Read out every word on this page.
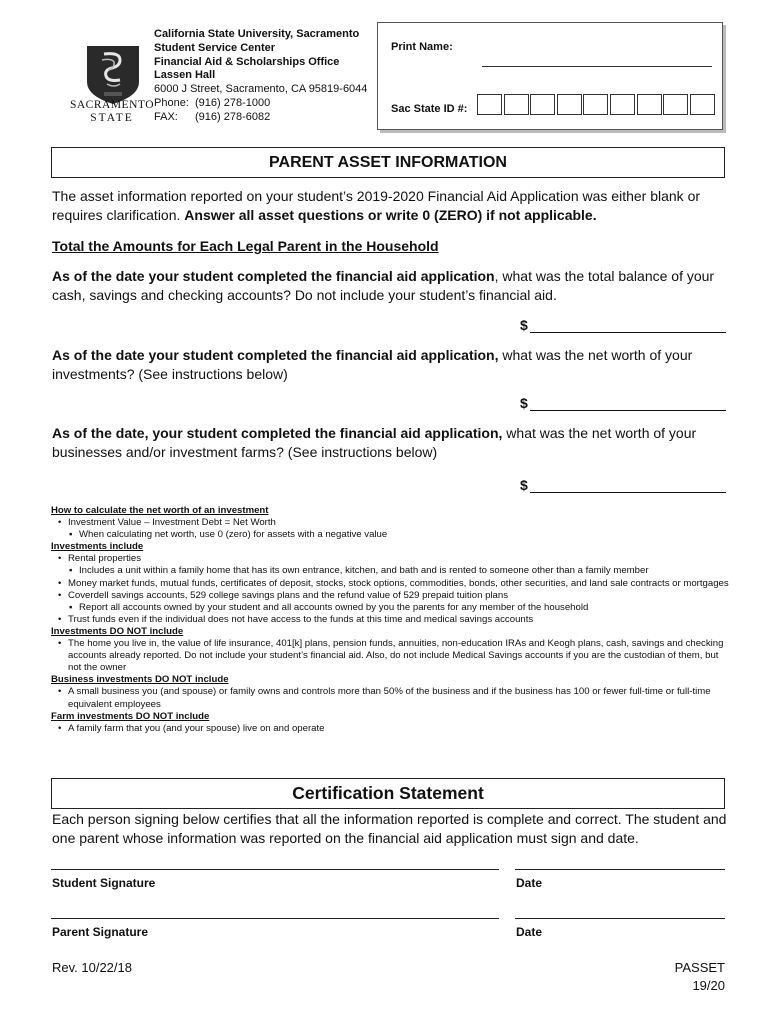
SACRAMENTO
STATE
California State University, Sacramento
Student Service Center
Financial Aid & Scholarships Office
Lassen Hall
6000 J Street, Sacramento, CA 95819-6044
Phone: (916) 278-1000
FAX: (916) 278-6082
Print Name:
Sac State ID #:
PARENT ASSET INFORMATION
The asset information reported on your student’s 2019-2020 Financial Aid Application was either blank or requires clarification. Answer all asset questions or write 0 (ZERO) if not applicable.
Total the Amounts for Each Legal Parent in the Household
As of the date your student completed the financial aid application, what was the total balance of your cash, savings and checking accounts? Do not include your student’s financial aid.
$
As of the date your student completed the financial aid application, what was the net worth of your investments? (See instructions below)
$
As of the date, your student completed the financial aid application, what was the net worth of your businesses and/or investment farms? (See instructions below)
$
How to calculate the net worth of an investment
• Investment Value – Investment Debt = Net Worth
▪ When calculating net worth, use 0 (zero) for assets with a negative value
Investments include
• Rental properties
▪ Includes a unit within a family home that has its own entrance, kitchen, and bath and is rented to someone other than a family member
• Money market funds, mutual funds, certificates of deposit, stocks, stock options, commodities, bonds, other securities, and land sale contracts or mortgages
• Coverdell savings accounts, 529 college savings plans and the refund value of 529 prepaid tuition plans
▪ Report all accounts owned by your student and all accounts owned by you the parents for any member of the household
• Trust funds even if the individual does not have access to the funds at this time and medical savings accounts
Investments DO NOT include
• The home you live in, the value of life insurance, 401[k] plans, pension funds, annuities, non-education IRAs and Keogh plans, cash, savings and checking accounts already reported. Do not include your student’s financial aid. Also, do not include Medical Savings accounts if you are the custodian of them, but not the owner
Business investments DO NOT include
• A small business you (and spouse) or family owns and controls more than 50% of the business and if the business has 100 or fewer full-time or full-time equivalent employees
Farm investments DO NOT include
• A family farm that you (and your spouse) live on and operate
Certification Statement
Each person signing below certifies that all the information reported is complete and correct. The student and one parent whose information was reported on the financial aid application must sign and date.
Student Signature	Date
Parent Signature	Date
Rev. 10/22/18	PASSET
19/20
